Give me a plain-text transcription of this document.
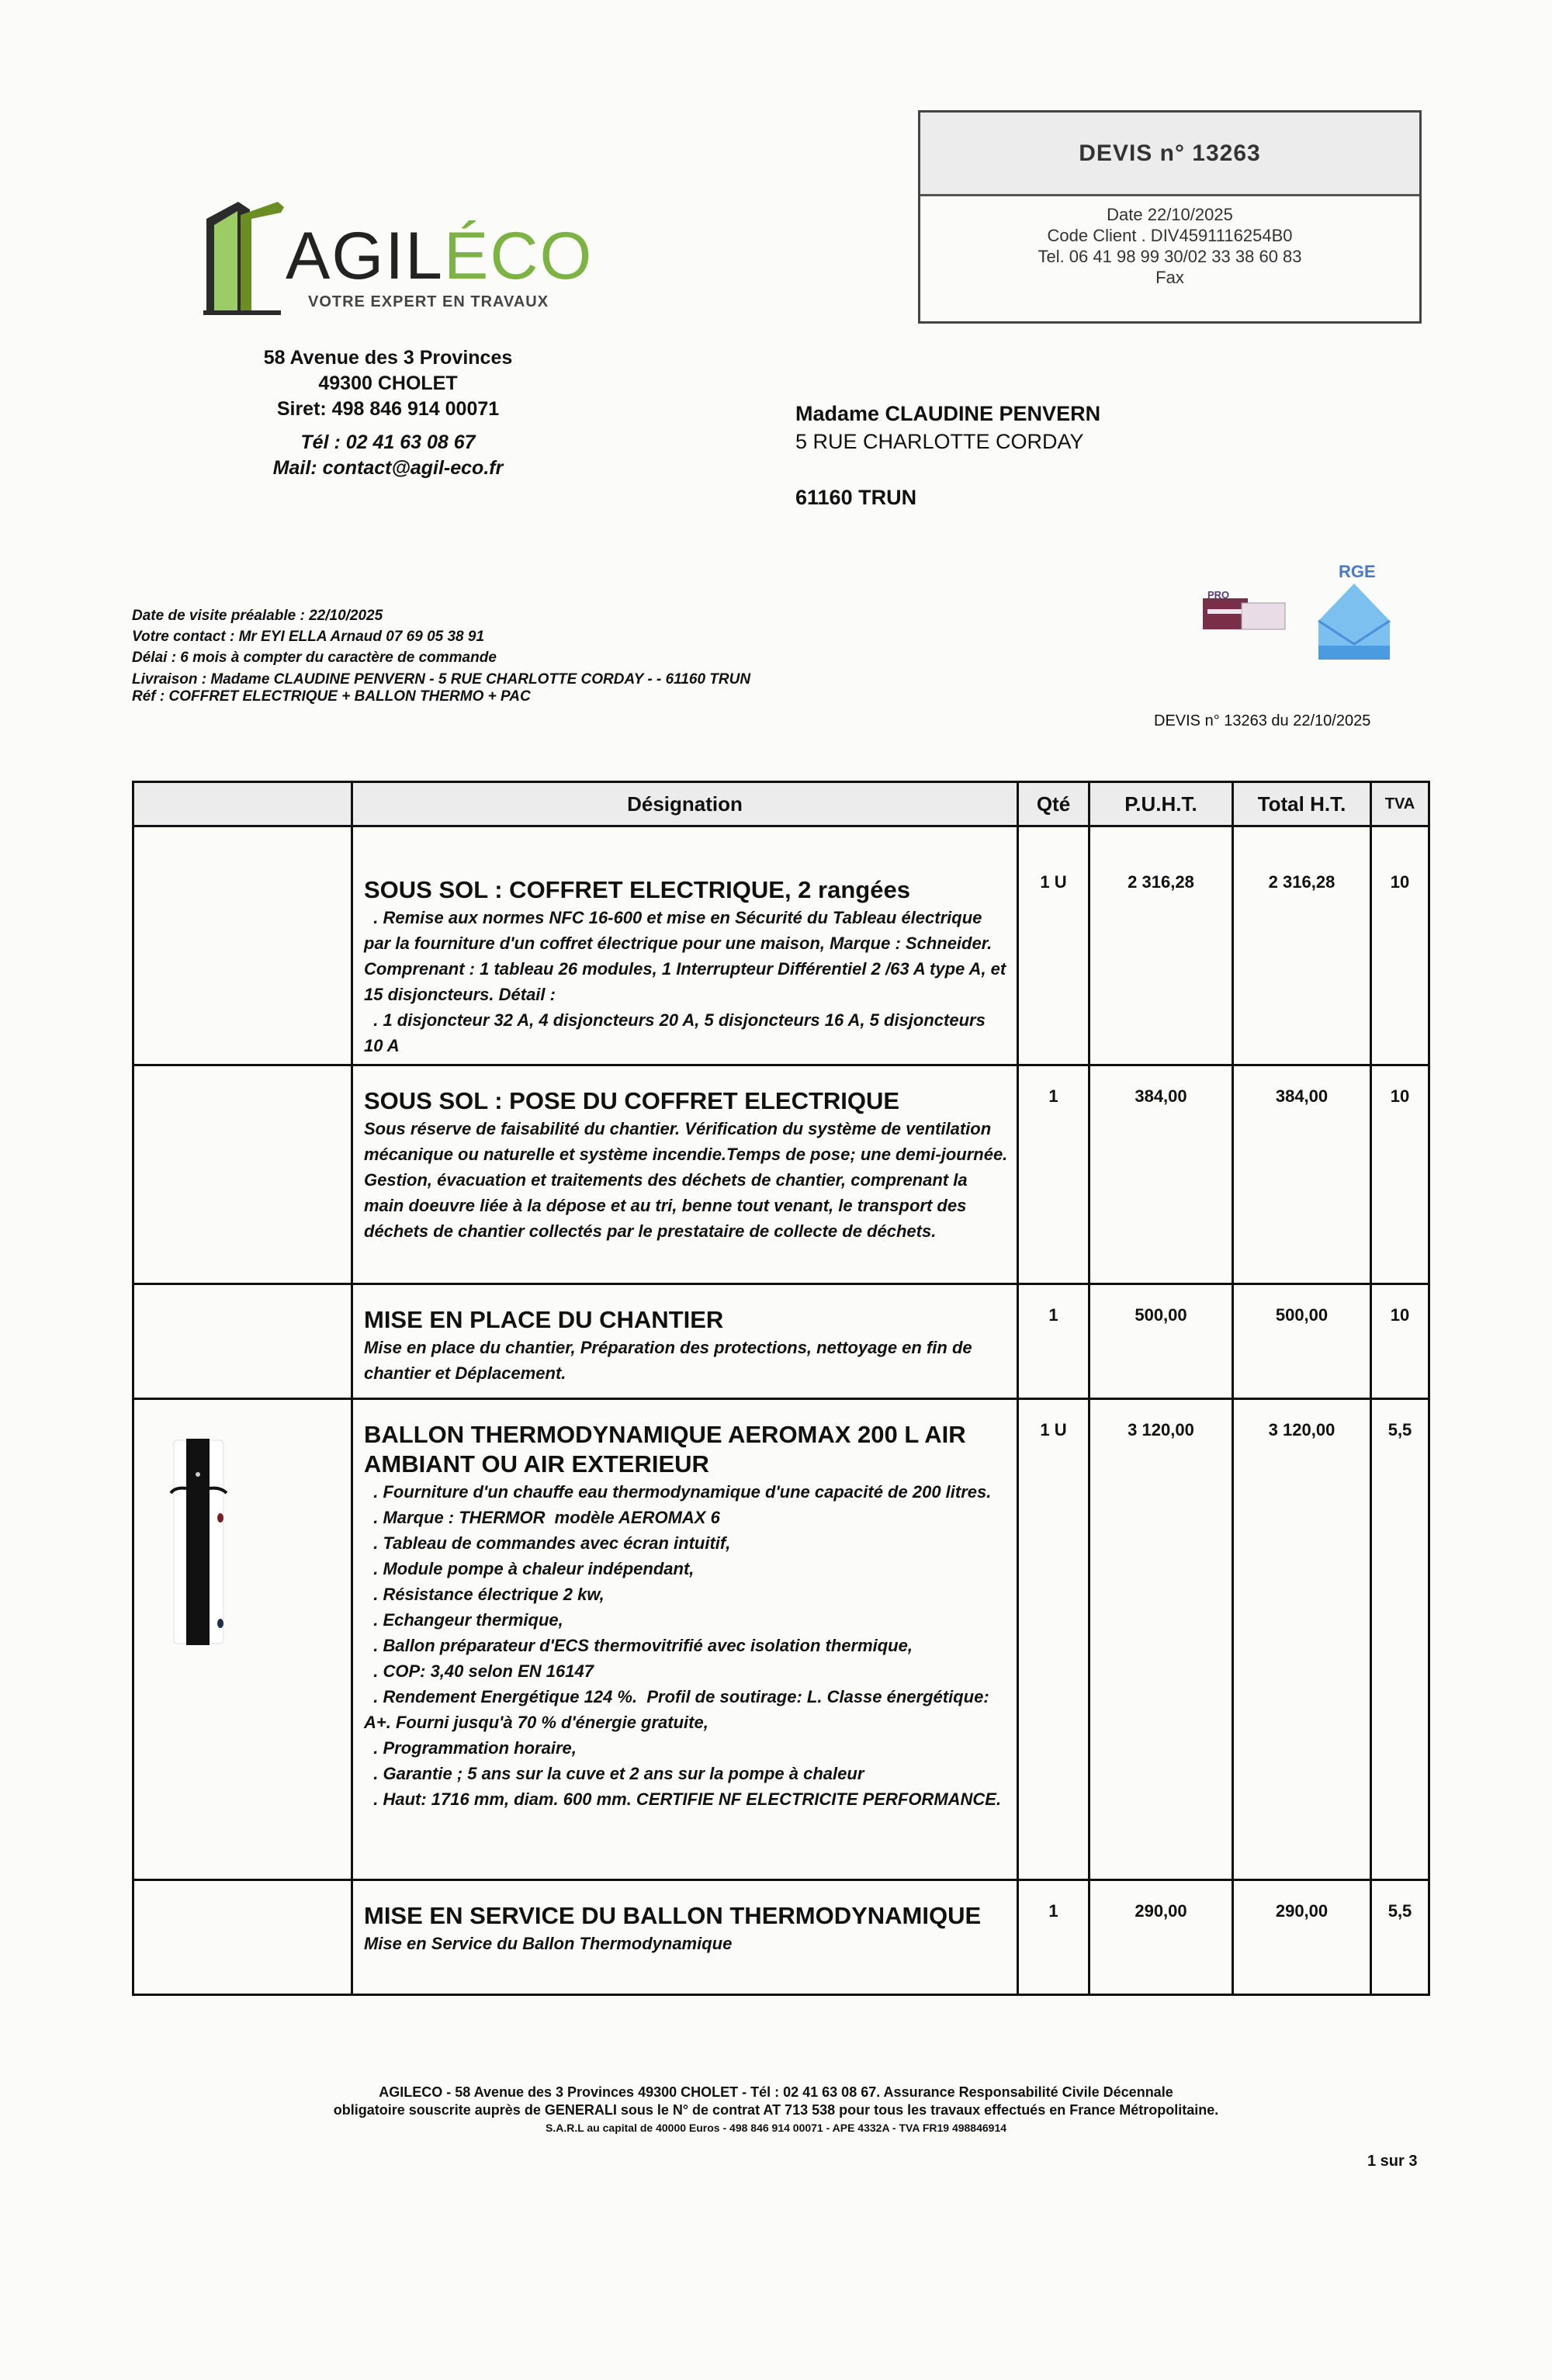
AGILÉCO
VOTRE EXPERT EN TRAVAUX
58 Avenue des 3 Provinces
49300 CHOLET
Siret: 498 846 914 00071
Tél : 02 41 63 08 67
Mail: contact@agil-eco.fr
DEVIS n° 13263
Date 22/10/2025
Code Client . DIV4591116254B0
Tel. 06 41 98 99 30/02 33 38 60 83
Fax
Madame CLAUDINE PENVERN
5 RUE CHARLOTTE CORDAY
61160 TRUN
PRO
RGE
Date de visite préalable : 22/10/2025
Votre contact : Mr EYI ELLA Arnaud 07 69 05 38 91
Délai : 6 mois à compter du caractère de commande
Livraison : Madame CLAUDINE PENVERN - 5 RUE CHARLOTTE CORDAY - - 61160 TRUN
Réf : COFFRET ELECTRIQUE + BALLON THERMO + PAC
DEVIS n° 13263 du 22/10/2025
	Désignation	Qté	P.U.H.T.	Total H.T.	TVA

	SOUS SOL : COFFRET ELECTRIQUE, 2 rangées
. Remise aux normes NFC 16-600 et mise en Sécurité du Tableau électrique par la fourniture d'un coffret électrique pour une maison, Marque : Schneider. Comprenant : 1 tableau 26 modules, 1 Interrupteur Différentiel 2 /63 A type A, et 15 disjoncteurs. Détail :
. 1 disjoncteur 32 A, 4 disjoncteurs 20 A, 5 disjoncteurs 16 A, 5 disjoncteurs 10 A	1 U	2 316,28	2 316,28	10

	SOUS SOL : POSE DU COFFRET ELECTRIQUE
Sous réserve de faisabilité du chantier. Vérification du système de ventilation mécanique ou naturelle et système incendie.Temps de pose; une demi-journée.  Gestion, évacuation et traitements des déchets de chantier, comprenant la main doeuvre liée à la dépose et au tri, benne tout venant, le transport des déchets de chantier collectés par le prestataire de collecte de déchets.	1	384,00	384,00	10

	MISE EN PLACE DU CHANTIER
Mise en place du chantier, Préparation des protections, nettoyage en fin de chantier et Déplacement.	1	500,00	500,00	10

BALLON THERMODYNAMIQUE AEROMAX 200 L AIR AMBIANT OU AIR EXTERIEUR
. Fourniture d'un chauffe eau thermodynamique d'une capacité de 200 litres.
. Marque : THERMOR  modèle AEROMAX 6
. Tableau de commandes avec écran intuitif,
. Module pompe à chaleur indépendant,
. Résistance électrique 2 kw,
. Echangeur thermique,
. Ballon préparateur d'ECS thermovitrifié avec isolation thermique,
. COP: 3,40 selon EN 16147
. Rendement Energétique 124 %.  Profil de soutirage: L. Classe énergétique: A+. Fourni jusqu'à 70 % d'énergie gratuite,
. Programmation horaire,
. Garantie ; 5 ans sur la cuve et 2 ans sur la pompe à chaleur
. Haut: 1716 mm, diam. 600 mm. CERTIFIE NF ELECTRICITE PERFORMANCE.
	1 U	3 120,00	3 120,00	5,5

	MISE EN SERVICE DU BALLON THERMODYNAMIQUE
Mise en Service du Ballon Thermodynamique	1	290,00	290,00	5,5
AGILECO - 58 Avenue des 3 Provinces 49300 CHOLET - Tél : 02 41 63 08 67. Assurance Responsabilité Civile Décennale
obligatoire souscrite auprès de GENERALI sous le N° de contrat AT 713 538 pour tous les travaux effectués en France Métropolitaine.
S.A.R.L au capital de 40000 Euros - 498 846 914 00071 - APE 4332A - TVA FR19 498846914
1 sur 3
